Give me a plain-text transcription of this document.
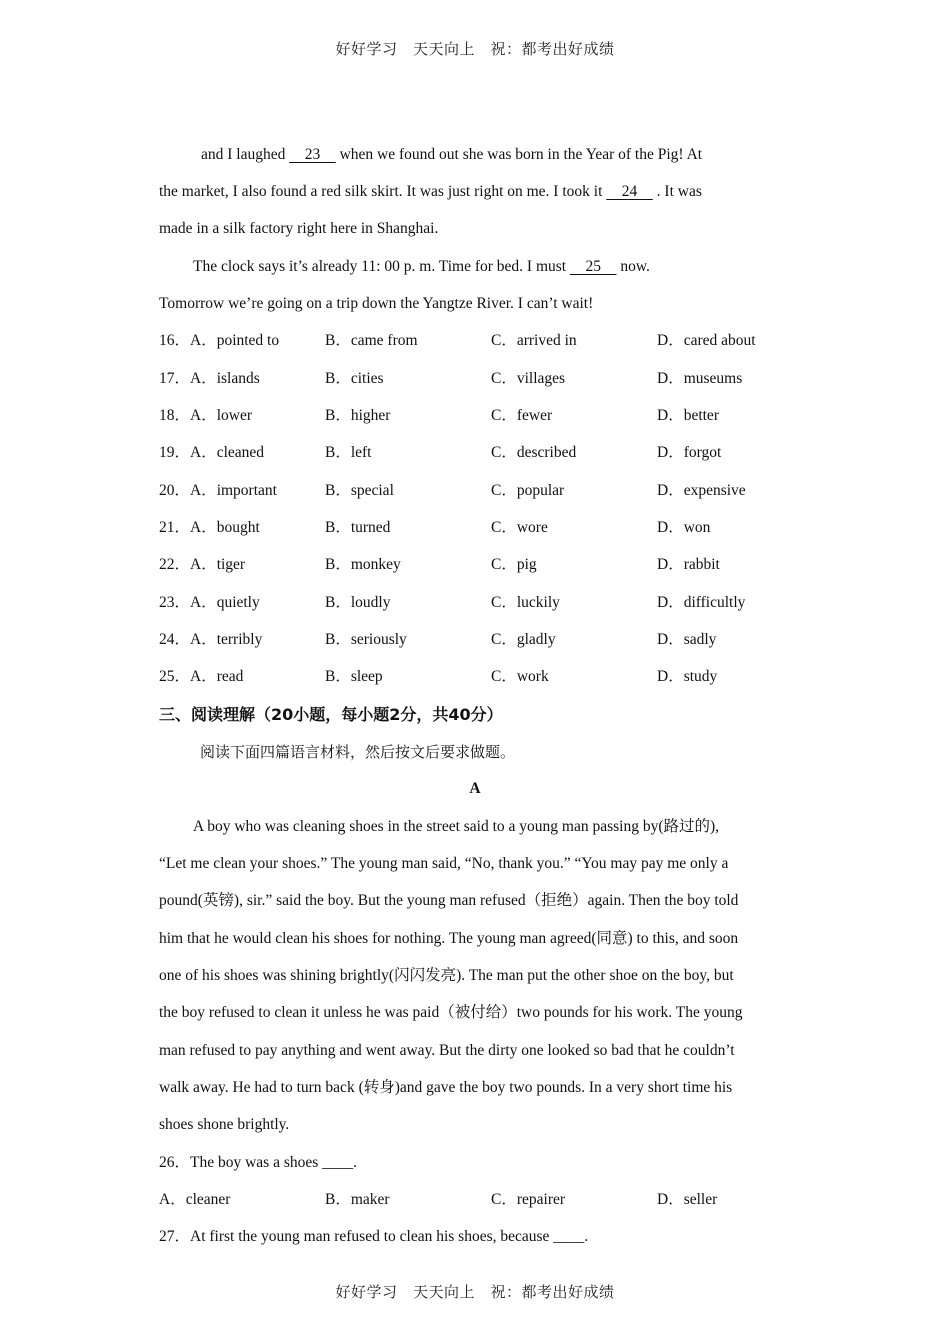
好好学习　天天向上　祝：都考出好成绩
and I laughed     23     when we found out she was born in the Year of the Pig! At
the market, I also found a red silk skirt. It was just right on me. I took it     24     . It was
made in a silk factory right here in Shanghai.
The clock says it’s already 11: 00 p. m. Time for bed. I must     25     now.
Tomorrow we’re going on a trip down the Yangtze River. I can’t wait!
16．A．pointed to	B．came from	C．arrived in	D．cared about
17．A．islands	B．cities	C．villages	D．museums
18．A．lower	B．higher	C．fewer	D．better
19．A．cleaned	B．left	C．described	D．forgot
20．A．important	B．special	C．popular	D．expensive
21．A．bought	B．turned	C．wore	D．won
22．A．tiger	B．monkey	C．pig	D．rabbit
23．A．quietly	B．loudly	C．luckily	D．difficultly
24．A．terribly	B．seriously	C．gladly	D．sadly
25．A．read	B．sleep	C．work	D．study
三、阅读理解（20小题，每小题2分，共40分）
阅读下面四篇语言材料，然后按文后要求做题。
A
A boy who was cleaning shoes in the street said to a young man passing by(路过的),
“Let me clean your shoes.” The young man said, “No, thank you.” “You may pay me only a
pound(英镑), sir.” said the boy. But the young man refused（拒绝）again. Then the boy told
him that he would clean his shoes for nothing. The young man agreed(同意) to this, and soon
one of his shoes was shining brightly(闪闪发亮). The man put the other shoe on the boy, but
the boy refused to clean it unless he was paid（被付给）two pounds for his work. The young
man refused to pay anything and went away. But the dirty one looked so bad that he couldn’t
walk away. He had to turn back (转身)and gave the boy two pounds. In a very short time his
shoes shone brightly.
26．The boy was a shoes ____.
A．cleaner	B．maker	C．repairer	D．seller
27．At first the young man refused to clean his shoes, because ____.
好好学习　天天向上　祝：都考出好成绩
